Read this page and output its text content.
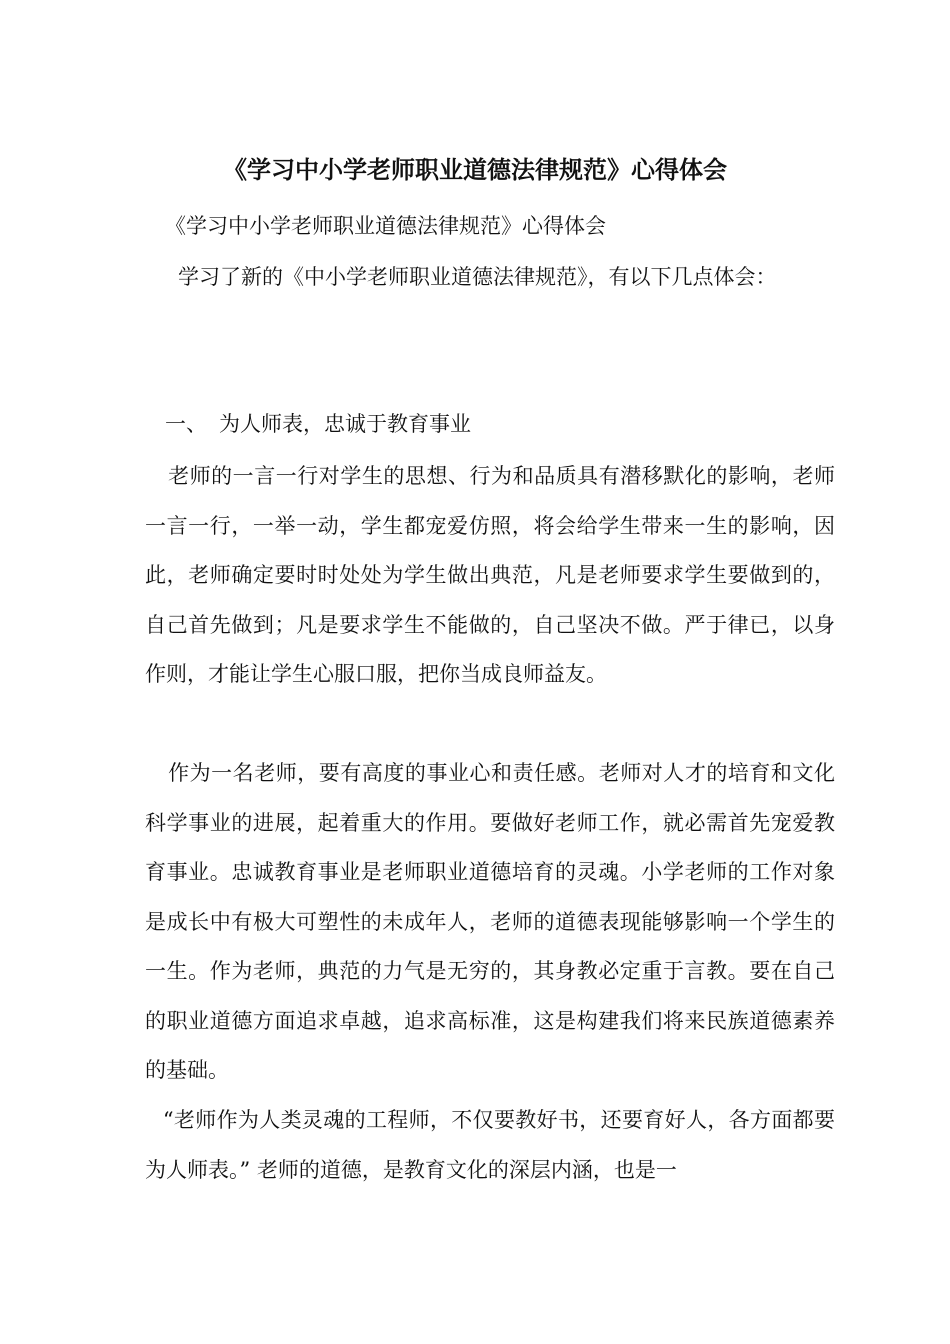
《学习中小学老师职业道德法律规范》心得体会

《学习中小学老师职业道德法律规范》心得体会

学习了新的《中小学老师职业道德法律规范》，有以下几点体会：

一、 为人师表，忠诚于教育事业

老师的一言一行对学生的思想、行为和品质具有潜移默化的影响，老师一言一行，一举一动，学生都宠爱仿照，将会给学生带来一生的影响，因此，老师确定要时时处处为学生做出典范，凡是老师要求学生要做到的，自己首先做到；凡是要求学生不能做的，自己坚决不做。严于律已，以身作则，才能让学生心服口服，把你当成良师益友。

作为一名老师，要有高度的事业心和责任感。老师对人才的培育和文化科学事业的进展，起着重大的作用。要做好老师工作，就必需首先宠爱教育事业。忠诚教育事业是老师职业道德培育的灵魂。小学老师的工作对象是成长中有极大可塑性的未成年人，老师的道德表现能够影响一个学生的一生。作为老师，典范的力气是无穷的，其身教必定重于言教。要在自己的职业道德方面追求卓越，追求高标准，这是构建我们将来民族道德素养的基础。

“老师作为人类灵魂的工程师，不仅要教好书，还要育好人，各方面都要为人师表。” 老师的道德，是教育文化的深层内涵，也是一
